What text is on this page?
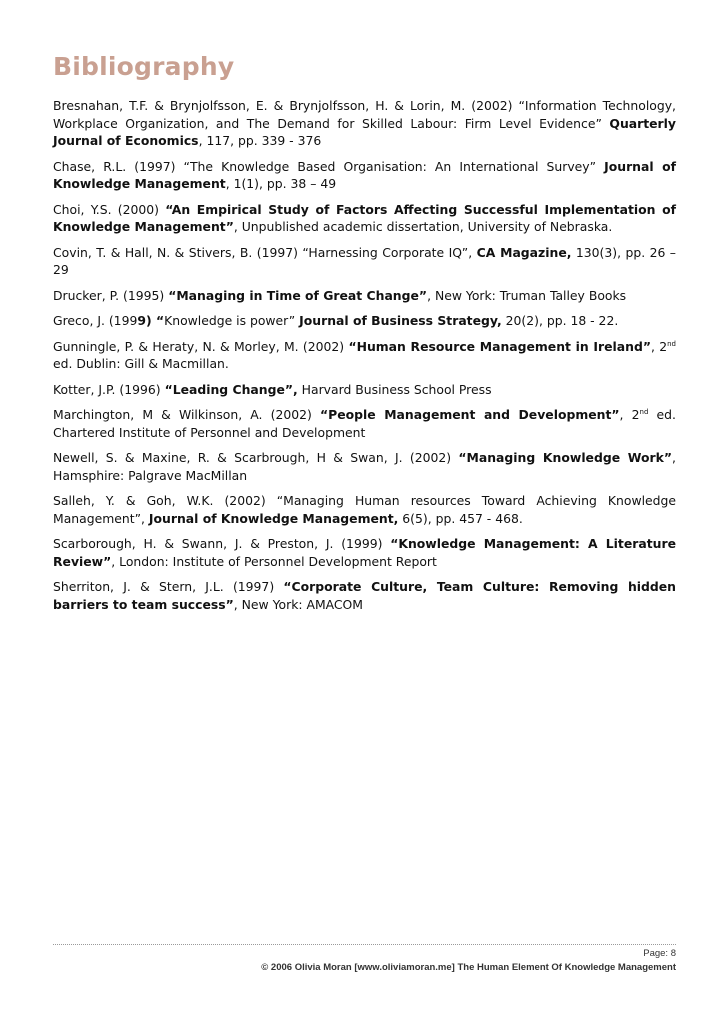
Bibliography

Bresnahan, T.F. & Brynjolfsson, E. & Brynjolfsson, H. & Lorin, M. (2002) “Information Technology, Workplace Organization, and The Demand for Skilled Labour: Firm Level Evidence” Quarterly Journal of Economics, 117, pp. 339 - 376

Chase, R.L. (1997) “The Knowledge Based Organisation: An International Survey” Journal of Knowledge Management, 1(1), pp. 38 – 49

Choi, Y.S. (2000) “An Empirical Study of Factors Affecting Successful Implementation of Knowledge Management”, Unpublished academic dissertation, University of Nebraska.

Covin, T. & Hall, N. & Stivers, B. (1997) “Harnessing Corporate IQ”, CA Magazine, 130(3), pp. 26 – 29

Drucker, P. (1995) “Managing in Time of Great Change”, New York: Truman Talley Books

Greco, J. (1999) “Knowledge is power” Journal of Business Strategy, 20(2), pp. 18 - 22.

Gunningle, P. & Heraty, N. & Morley, M. (2002) “Human Resource Management in Ireland”, 2nd ed. Dublin: Gill & Macmillan.

Kotter, J.P. (1996) “Leading Change”, Harvard Business School Press

Marchington, M & Wilkinson, A. (2002) “People Management and Development”, 2nd ed. Chartered Institute of Personnel and Development

Newell, S. & Maxine, R. & Scarbrough, H & Swan, J. (2002) “Managing Knowledge Work”, Hamsphire: Palgrave MacMillan

Salleh, Y. & Goh, W.K. (2002) “Managing Human resources Toward Achieving Knowledge Management”, Journal of Knowledge Management, 6(5), pp. 457 - 468.

Scarborough, H. & Swann, J. & Preston, J. (1999) “Knowledge Management: A Literature Review”, London: Institute of Personnel Development Report

Sherriton, J. & Stern, J.L. (1997) “Corporate Culture, Team Culture: Removing hidden barriers to team success”, New York: AMACOM

Page: 8
© 2006 Olivia Moran [www.oliviamoran.me] The Human Element Of Knowledge Management
